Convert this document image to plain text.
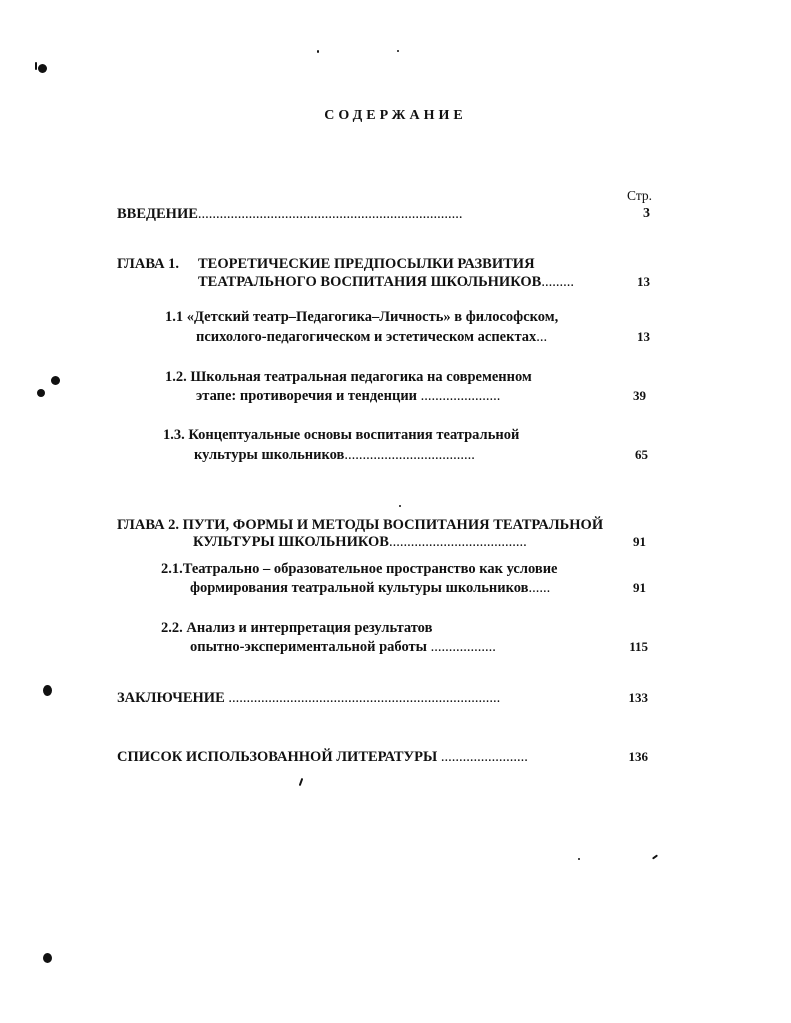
СОДЕРЖАНИЕ
Стр.
ВВЕДЕНИЕ.........................................................................	3
ГЛАВА 1. ТЕОРЕТИЧЕСКИЕ ПРЕДПОСЫЛКИ РАЗВИТИЯ
ТЕАТРАЛЬНОГО ВОСПИТАНИЯ ШКОЛЬНИКОВ.........	13
1.1 «Детский театр–Педагогика–Личность» в философском,
психолого-педагогическом и эстетическом аспектах...	13
1.2. Школьная театральная педагогика на современном
этапе: противоречия и тенденции ......................	39
1.3. Концептуальные основы воспитания театральной
культуры школьников....................................	65
ГЛАВА 2. ПУТИ, ФОРМЫ И МЕТОДЫ ВОСПИТАНИЯ ТЕАТРАЛЬНОЙ
КУЛЬТУРЫ ШКОЛЬНИКОВ......................................	91
2.1.Театрально – образовательное пространство как условие
формирования театральной культуры школьников......	91
2.2. Анализ и интерпретация результатов
опытно-экспериментальной работы ..................	115
ЗАКЛЮЧЕНИЕ ...........................................................................	133
СПИСОК ИСПОЛЬЗОВАННОЙ ЛИТЕРАТУРЫ ........................	136
